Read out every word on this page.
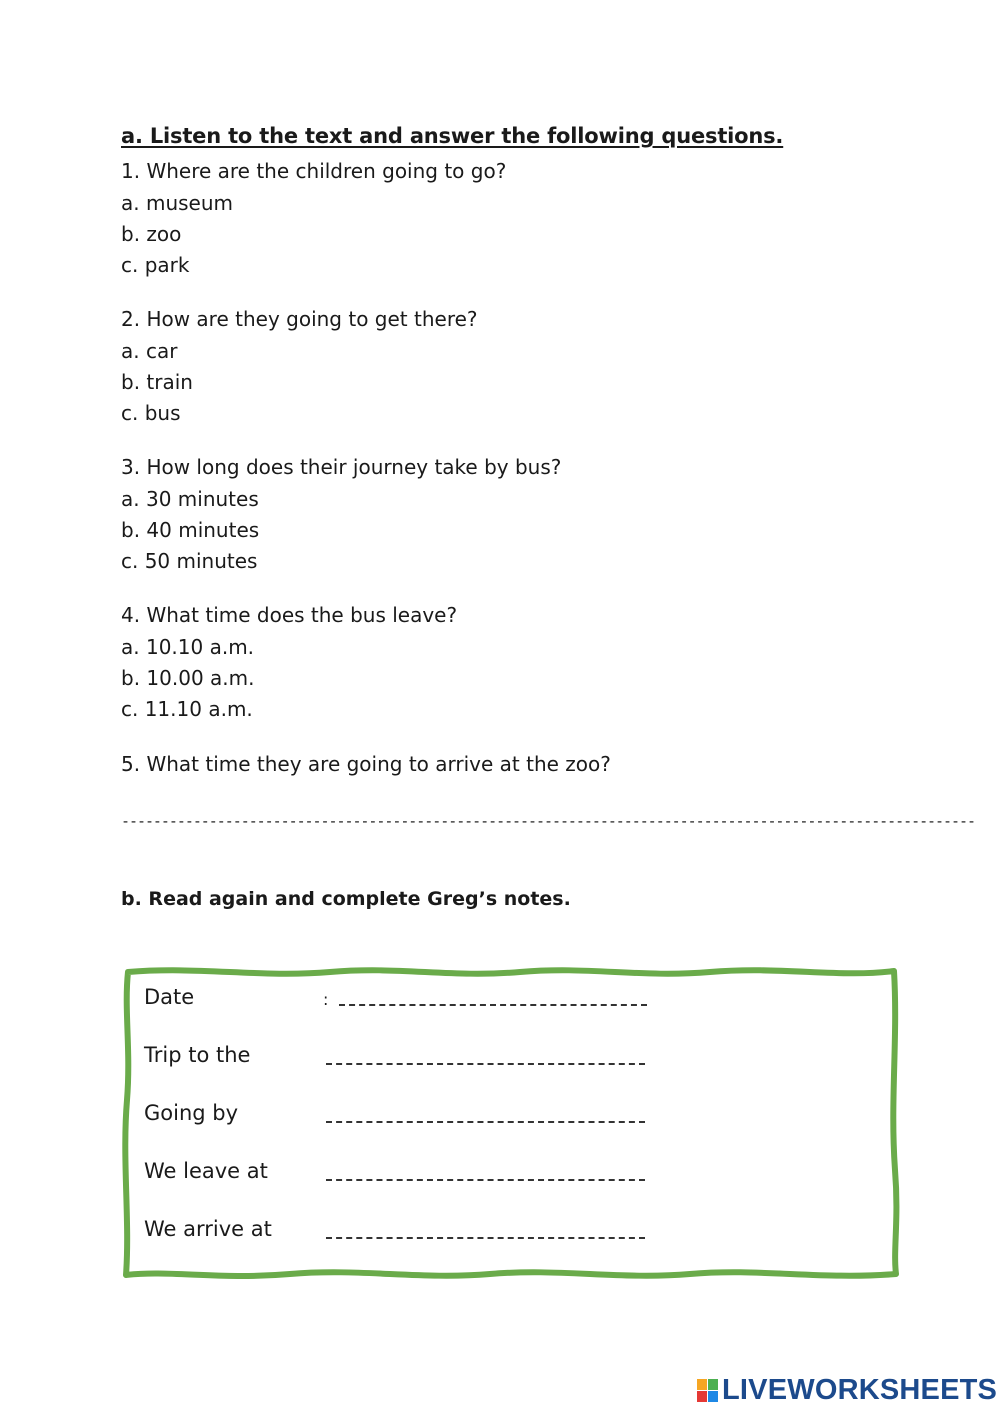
a. Listen to the text and answer the following questions.
1. Where are the children going to go?
a. museum
b. zoo
c. park
2. How are they going to get there?
a. car
b. train
c. bus
3. How long does their journey take by bus?
a. 30 minutes
b. 40 minutes
c. 50 minutes
4. What time does the bus leave?
a. 10.10 a.m.
b. 10.00 a.m.
c. 11.10 a.m.
5. What time they are going to arrive at the zoo?
-----------------------------------------------------------------------------------------------------------
b. Read again and complete Greg’s notes.
Date	:
Trip to the
Going by
We leave at
We arrive at
LIVEWORKSHEETS
